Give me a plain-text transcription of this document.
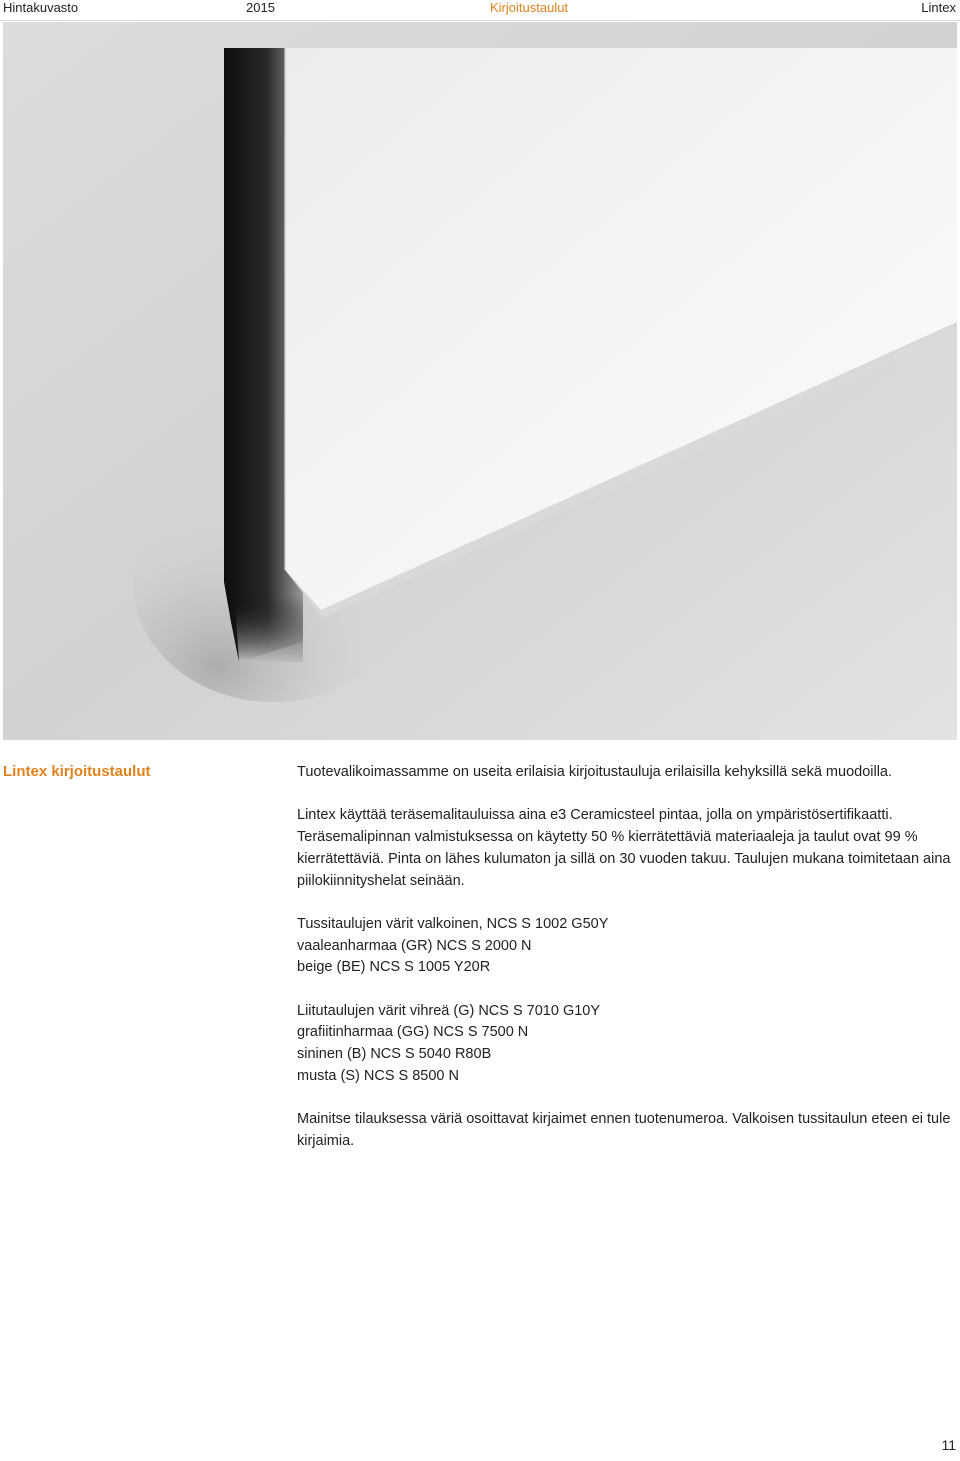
Hintakuvasto	2015	Kirjoitustaulut	Lintex
Lintex kirjoitustaulut	Tuotevalikoimassamme on useita erilaisia kirjoitustauluja erilaisilla kehyksillä sekä muodoilla.

Lintex käyttää teräsemalitauluissa aina e3 Ceramicsteel pintaa, jolla on ympäristösertifikaatti. Teräsemalipinnan valmistuksessa on käytetty 50 % kierrätettäviä materiaaleja ja taulut ovat 99 % kierrätettäviä. Pinta on lähes kulumaton ja sillä on 30 vuoden takuu. Taulujen mukana toimitetaan aina piilokiinnityshelat seinään.

Tussitaulujen värit valkoinen, NCS S 1002 G50Y
vaaleanharmaa (GR) NCS S 2000 N
beige (BE) NCS S 1005 Y20R

Liitutaulujen värit vihreä (G) NCS S 7010 G10Y
grafiitinharmaa (GG) NCS S 7500 N
sininen (B) NCS S 5040 R80B
musta (S) NCS S 8500 N

Mainitse tilauksessa väriä osoittavat kirjaimet ennen tuotenumeroa. Valkoisen tussitaulun eteen ei tule kirjaimia.

11
